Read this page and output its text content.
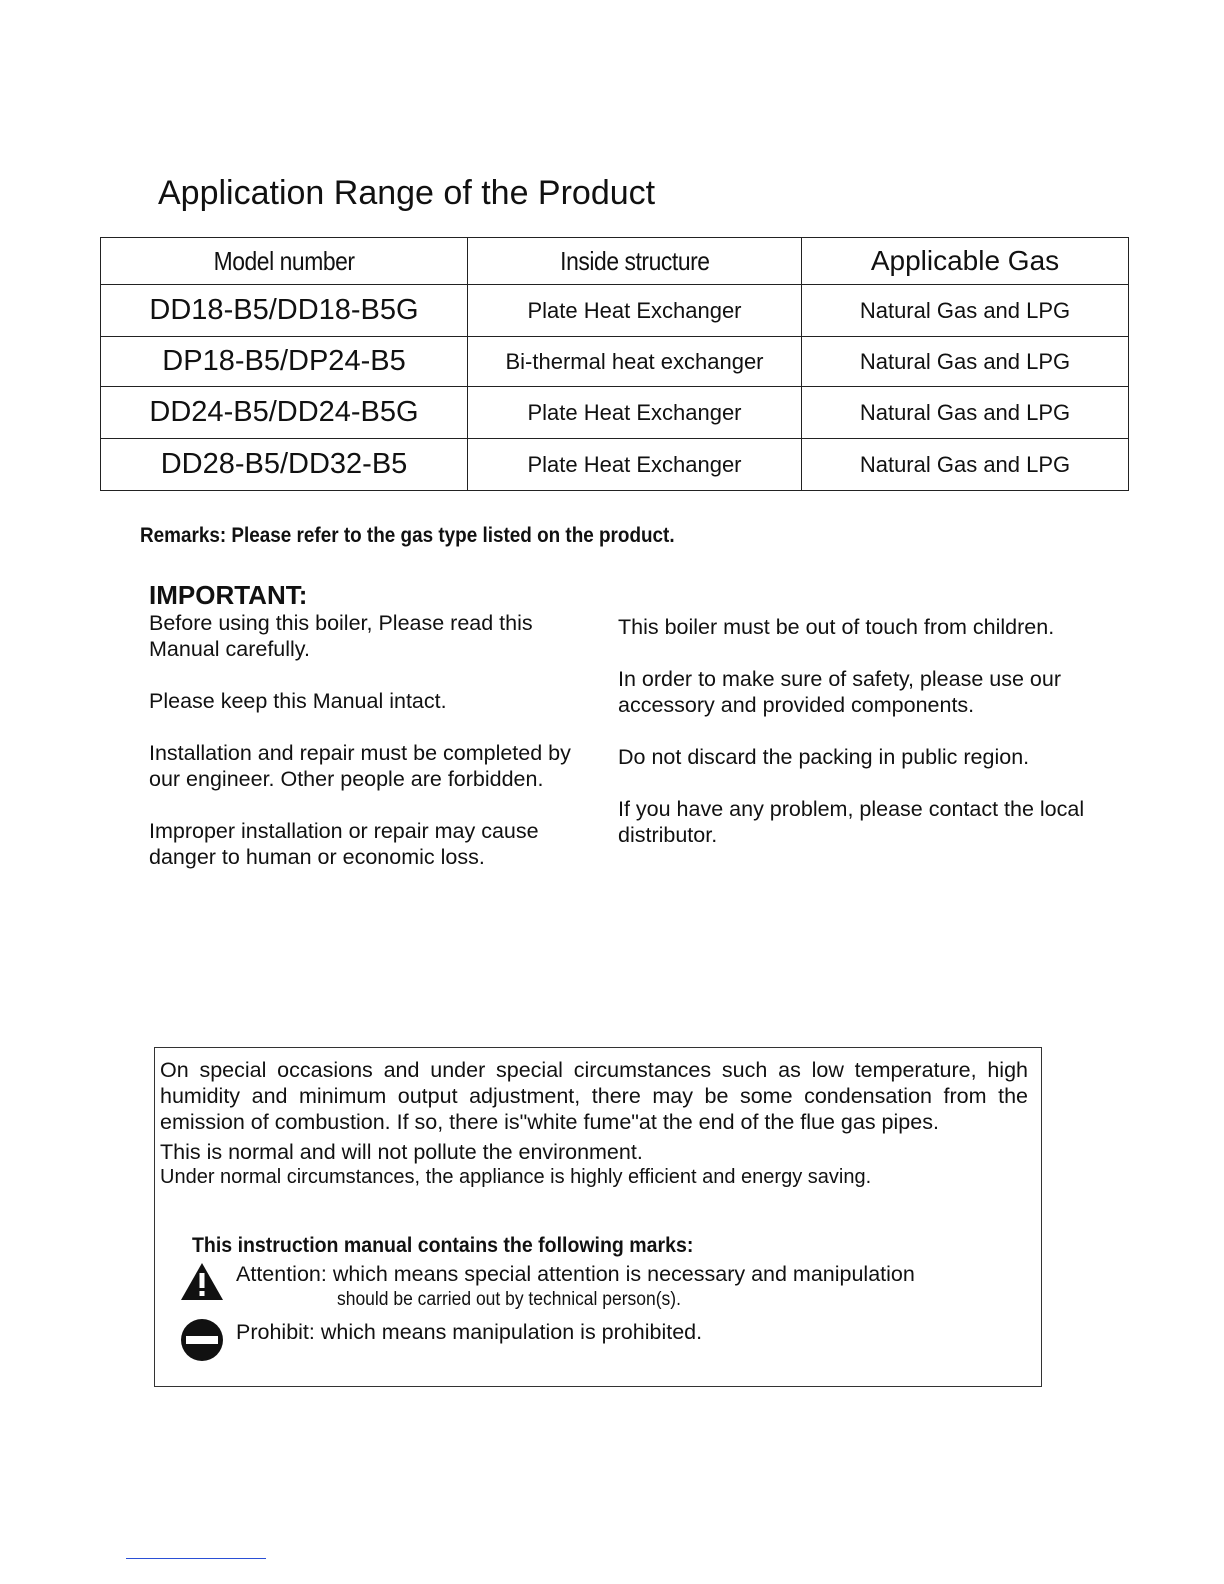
Application Range of the Product
Model number	Inside structure	Applicable Gas
DD18-B5/DD18-B5G	Plate Heat Exchanger	Natural Gas and LPG
DP18-B5/DP24-B5	Bi-thermal heat exchanger	Natural Gas and LPG
DD24-B5/DD24-B5G	Plate Heat Exchanger	Natural Gas and LPG
DD28-B5/DD32-B5	Plate Heat Exchanger	Natural Gas and LPG
Remarks: Please refer to the gas type listed on the product.
IMPORTANT:

Before using this boiler, Please read this Manual carefully.

Please keep this Manual intact.

Installation and repair must be completed by our engineer. Other people are forbidden.

Improper installation or repair may cause danger to human or economic loss.

This boiler must be out of touch from children.

In order to make sure of safety, please use our accessory and provided components.

Do not discard the packing in public region.

If you have any problem, please contact the local distributor.

On special occasions and under special circumstances such as low temperature, high humidity and minimum output adjustment, there may be some condensation from the emission of combustion. If so, there is"white fume"at the end of the flue gas pipes.

This is normal and will not pollute the environment.

Under normal circumstances, the appliance is highly efficient and energy saving.

This instruction manual contains the following marks:
Attention: which means special attention is necessary and manipulation
should be carried out by technical person(s).
Prohibit: which means manipulation is prohibited.
